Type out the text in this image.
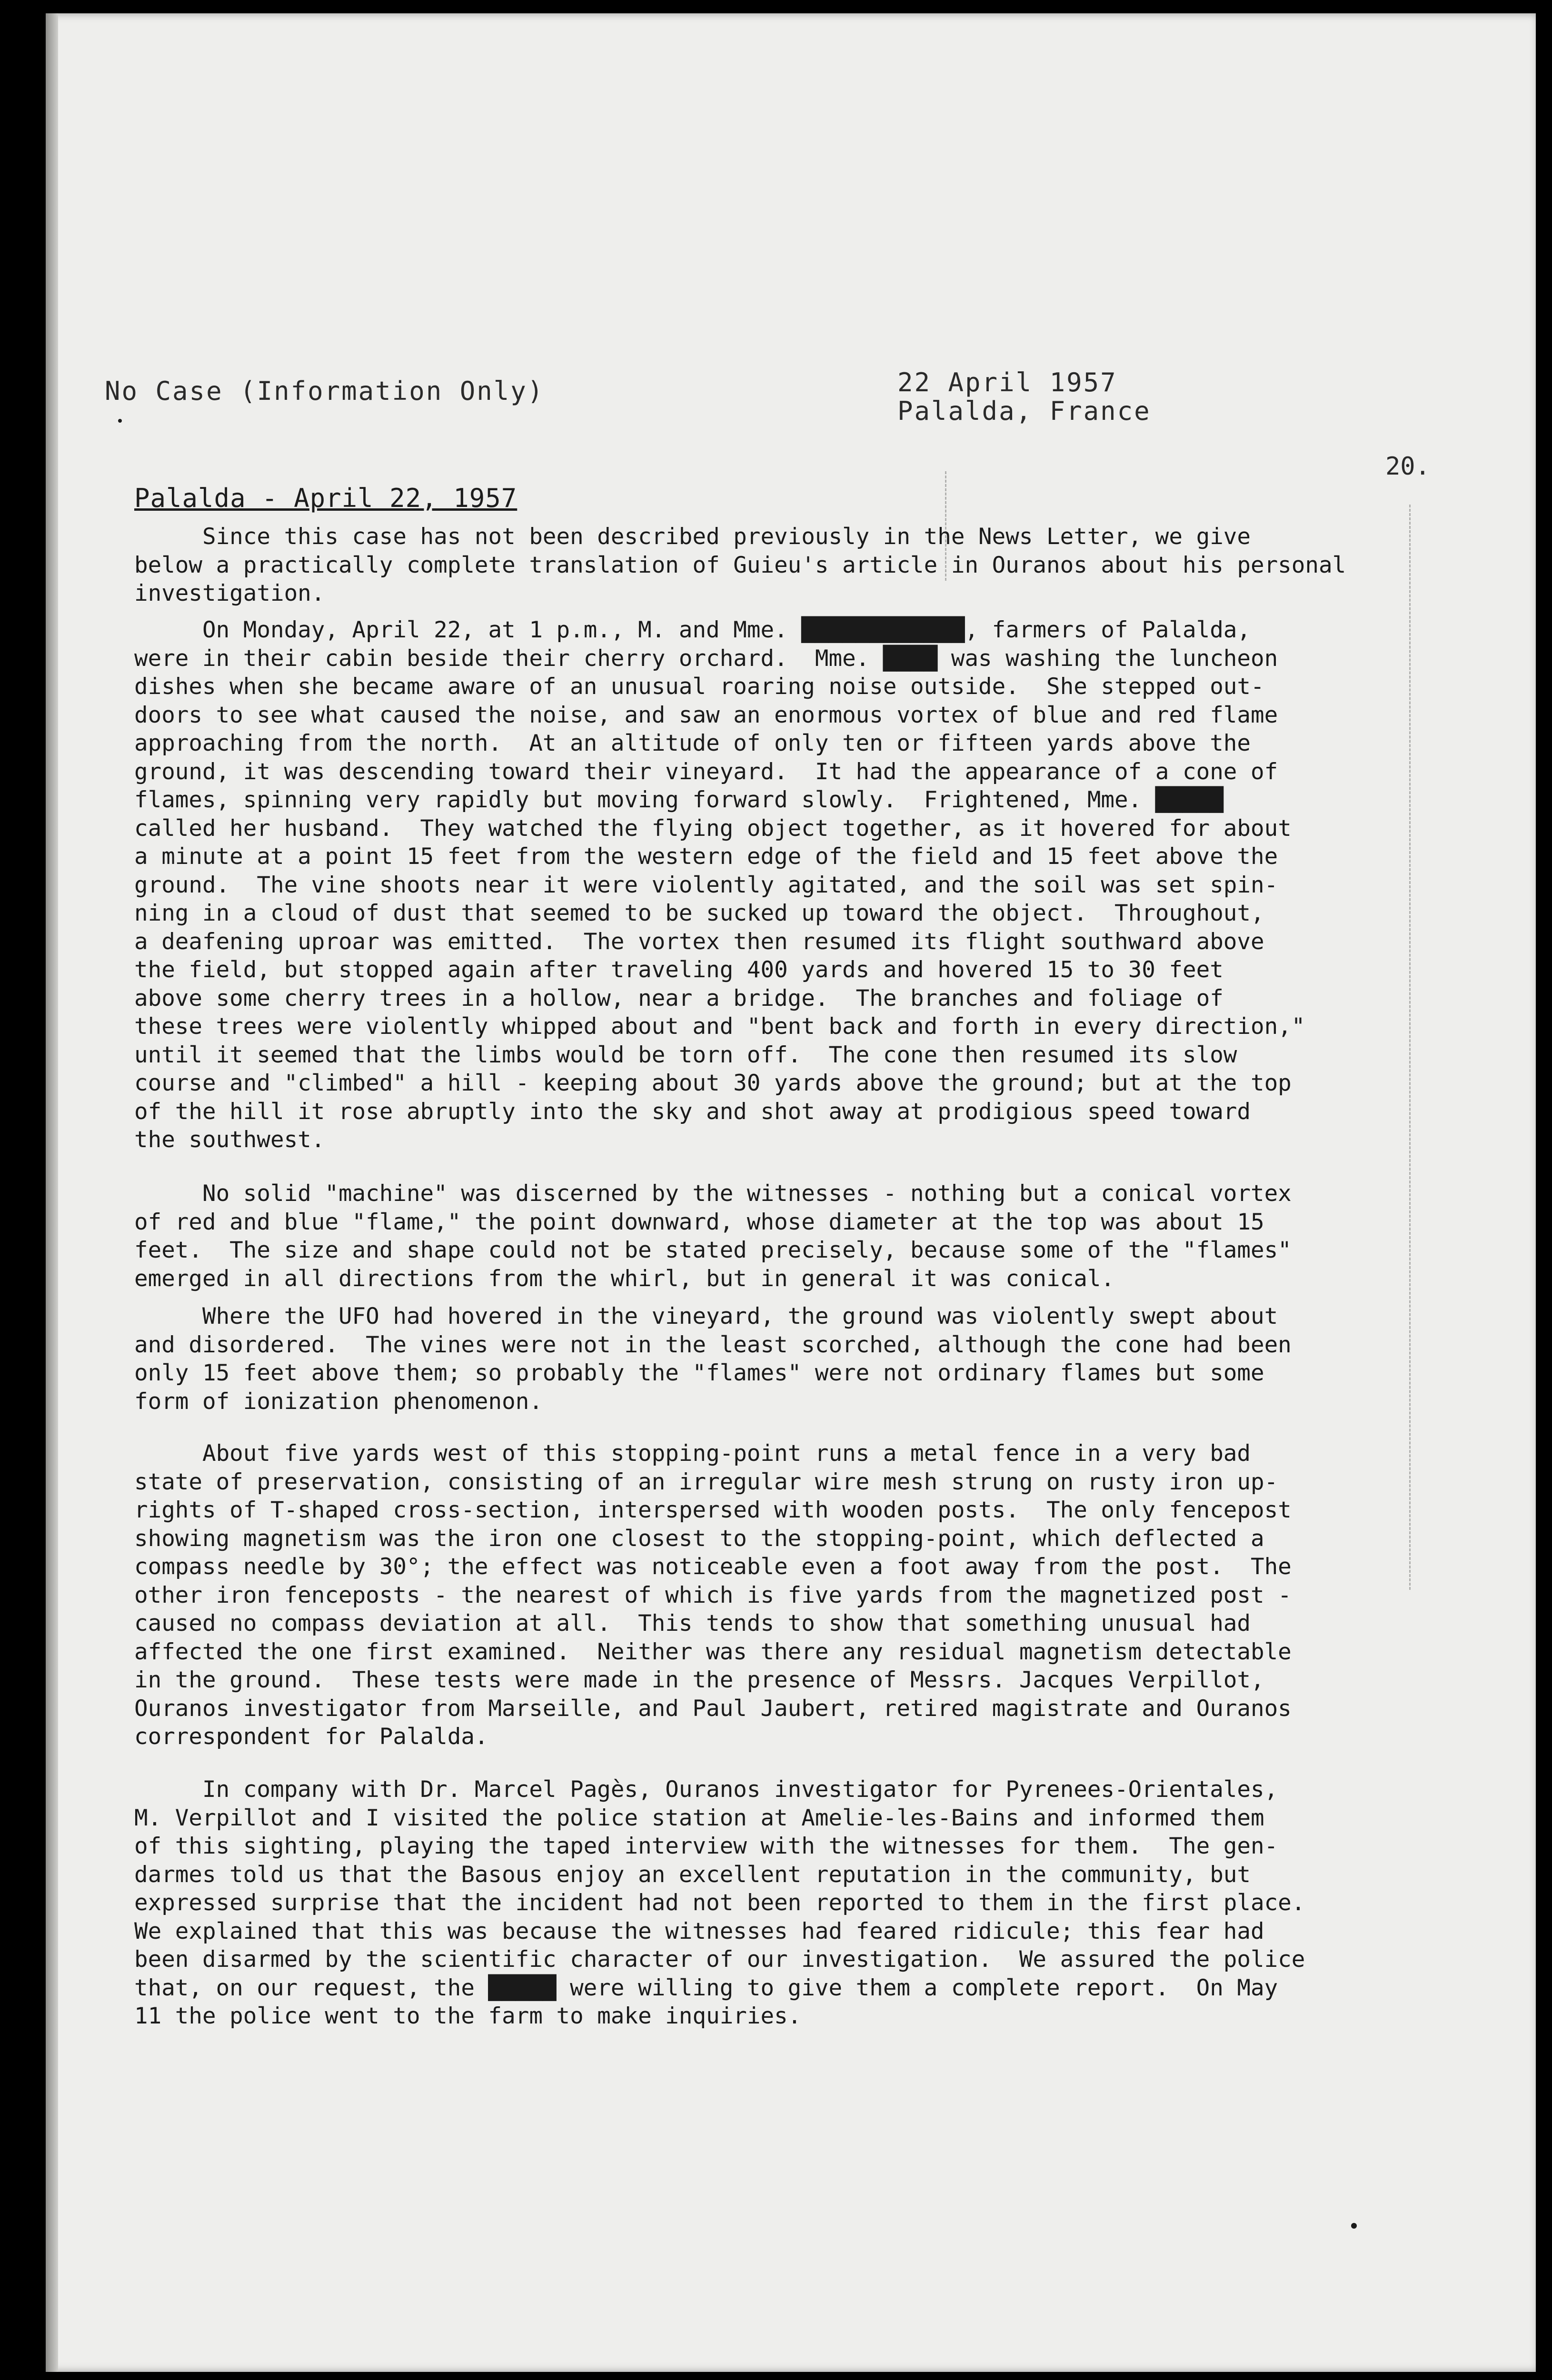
No Case (Information Only)	22 April 1957
Palalda, France
20.
Palalda - April 22, 1957
Since this case has not been described previously in the News Letter, we give
below a practically complete translation of Guieu's article in Ouranos about his personal
investigation.
On Monday, April 22, at 1 p.m., M. and Mme. ████████████, farmers of Palalda,
were in their cabin beside their cherry orchard.  Mme. ████ was washing the luncheon
dishes when she became aware of an unusual roaring noise outside.  She stepped out-
doors to see what caused the noise, and saw an enormous vortex of blue and red flame
approaching from the north.  At an altitude of only ten or fifteen yards above the
ground, it was descending toward their vineyard.  It had the appearance of a cone of
flames, spinning very rapidly but moving forward slowly.  Frightened, Mme. █████
called her husband.  They watched the flying object together, as it hovered for about
a minute at a point 15 feet from the western edge of the field and 15 feet above the
ground.  The vine shoots near it were violently agitated, and the soil was set spin-
ning in a cloud of dust that seemed to be sucked up toward the object.  Throughout,
a deafening uproar was emitted.  The vortex then resumed its flight southward above
the field, but stopped again after traveling 400 yards and hovered 15 to 30 feet
above some cherry trees in a hollow, near a bridge.  The branches and foliage of
these trees were violently whipped about and "bent back and forth in every direction,"
until it seemed that the limbs would be torn off.  The cone then resumed its slow
course and "climbed" a hill - keeping about 30 yards above the ground; but at the top
of the hill it rose abruptly into the sky and shot away at prodigious speed toward
the southwest.
No solid "machine" was discerned by the witnesses - nothing but a conical vortex
of red and blue "flame," the point downward, whose diameter at the top was about 15
feet.  The size and shape could not be stated precisely, because some of the "flames"
emerged in all directions from the whirl, but in general it was conical.
Where the UFO had hovered in the vineyard, the ground was violently swept about
and disordered.  The vines were not in the least scorched, although the cone had been
only 15 feet above them; so probably the "flames" were not ordinary flames but some
form of ionization phenomenon.
About five yards west of this stopping-point runs a metal fence in a very bad
state of preservation, consisting of an irregular wire mesh strung on rusty iron up-
rights of T-shaped cross-section, interspersed with wooden posts.  The only fencepost
showing magnetism was the iron one closest to the stopping-point, which deflected a
compass needle by 30°; the effect was noticeable even a foot away from the post.  The
other iron fenceposts - the nearest of which is five yards from the magnetized post -
caused no compass deviation at all.  This tends to show that something unusual had
affected the one first examined.  Neither was there any residual magnetism detectable
in the ground.  These tests were made in the presence of Messrs. Jacques Verpillot,
Ouranos investigator from Marseille, and Paul Jaubert, retired magistrate and Ouranos
correspondent for Palalda.
In company with Dr. Marcel Pagès, Ouranos investigator for Pyrenees-Orientales,
M. Verpillot and I visited the police station at Amelie-les-Bains and informed them
of this sighting, playing the taped interview with the witnesses for them.  The gen-
darmes told us that the Basous enjoy an excellent reputation in the community, but
expressed surprise that the incident had not been reported to them in the first place.
We explained that this was because the witnesses had feared ridicule; this fear had
been disarmed by the scientific character of our investigation.  We assured the police
that, on our request, the █████ were willing to give them a complete report.  On May
11 the police went to the farm to make inquiries.
